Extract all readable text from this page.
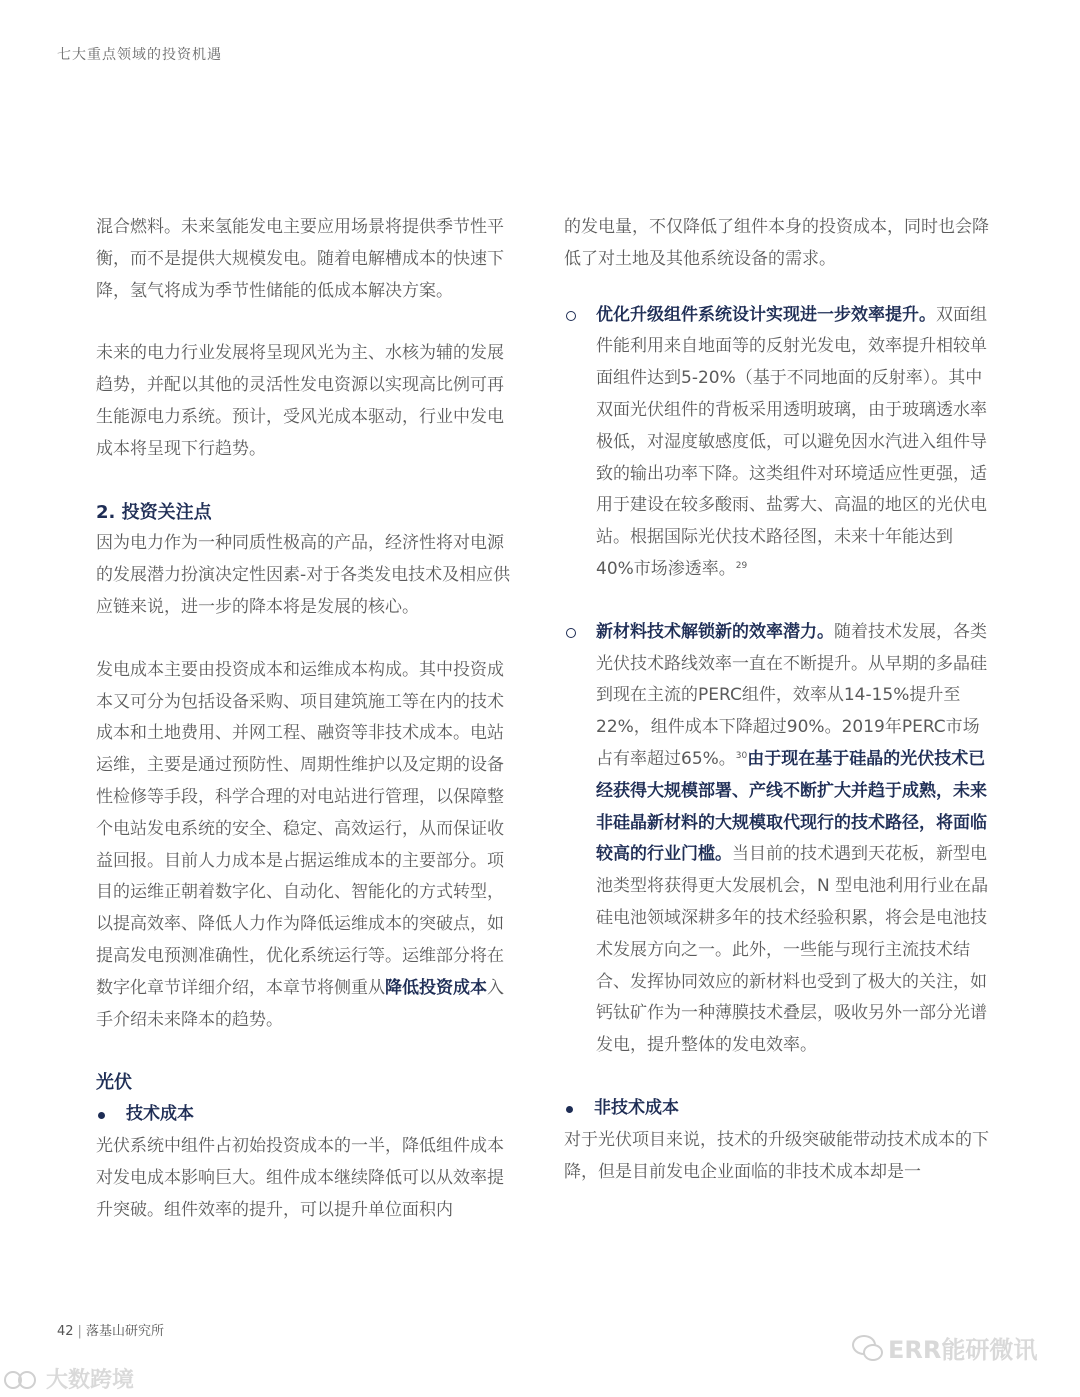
七大重点领域的投资机遇

混合燃料。未来氢能发电主要应用场景将提供季节性平衡，而不是提供大规模发电。随着电解槽成本的快速下降，氢气将成为季节性储能的低成本解决方案。

未来的电力行业发展将呈现风光为主、水核为辅的发展趋势，并配以其他的灵活性发电资源以实现高比例可再生能源电力系统。预计，受风光成本驱动，行业中发电成本将呈现下行趋势。

2. 投资关注点

因为电力作为一种同质性极高的产品，经济性将对电源的发展潜力扮演决定性因素-对于各类发电技术及相应供应链来说，进一步的降本将是发展的核心。

发电成本主要由投资成本和运维成本构成。其中投资成本又可分为包括设备采购、项目建筑施工等在内的技术成本和土地费用、并网工程、融资等非技术成本。电站运维，主要是通过预防性、周期性维护以及定期的设备性检修等手段，科学合理的对电站进行管理，以保障整个电站发电系统的安全、稳定、高效运行，从而保证收益回报。目前人力成本是占据运维成本的主要部分。项目的运维正朝着数字化、自动化、智能化的方式转型，以提高效率、降低人力作为降低运维成本的突破点，如提高发电预测准确性，优化系统运行等。运维部分将在数字化章节详细介绍，本章节将侧重从降低投资成本入手介绍未来降本的趋势。

光伏

技术成本

光伏系统中组件占初始投资成本的一半，降低组件成本对发电成本影响巨大。组件成本继续降低可以从效率提升突破。组件效率的提升，可以提升单位面积内

的发电量，不仅降低了组件本身的投资成本，同时也会降低了对土地及其他系统设备的需求。

优化升级组件系统设计实现进一步效率提升。双面组件能利用来自地面等的反射光发电，效率提升相较单面组件达到5-20%（基于不同地面的反射率）。其中双面光伏组件的背板采用透明玻璃，由于玻璃透水率极低，对湿度敏感度低，可以避免因水汽进入组件导致的输出功率下降。这类组件对环境适应性更强，适用于建设在较多酸雨、盐雾大、高温的地区的光伏电站。根据国际光伏技术路径图，未来十年能达到40%市场渗透率。$^{29}$

新材料技术解锁新的效率潜力。随着技术发展，各类光伏技术路线效率一直在不断提升。从早期的多晶硅到现在主流的PERC组件，效率从14-15%提升至22%，组件成本下降超过90%。2019年PERC市场占有率超过65%。$^{30}$由于现在基于硅晶的光伏技术已经获得大规模部署、产线不断扩大并趋于成熟，未来非硅晶新材料的大规模取代现行的技术路径，将面临较高的行业门槛。当目前的技术遇到天花板，新型电池类型将获得更大发展机会，N 型电池利用行业在晶硅电池领域深耕多年的技术经验积累，将会是电池技术发展方向之一。此外，一些能与现行主流技术结合、发挥协同效应的新材料也受到了极大的关注，如钙钛矿作为一种薄膜技术叠层，吸收另外一部分光谱发电，提升整体的发电效率。

非技术成本

对于光伏项目来说，技术的升级突破能带动技术成本的下降，但是目前发电企业面临的非技术成本却是一

42 | 落基山研究所
ERR能研微讯
大数跨境
